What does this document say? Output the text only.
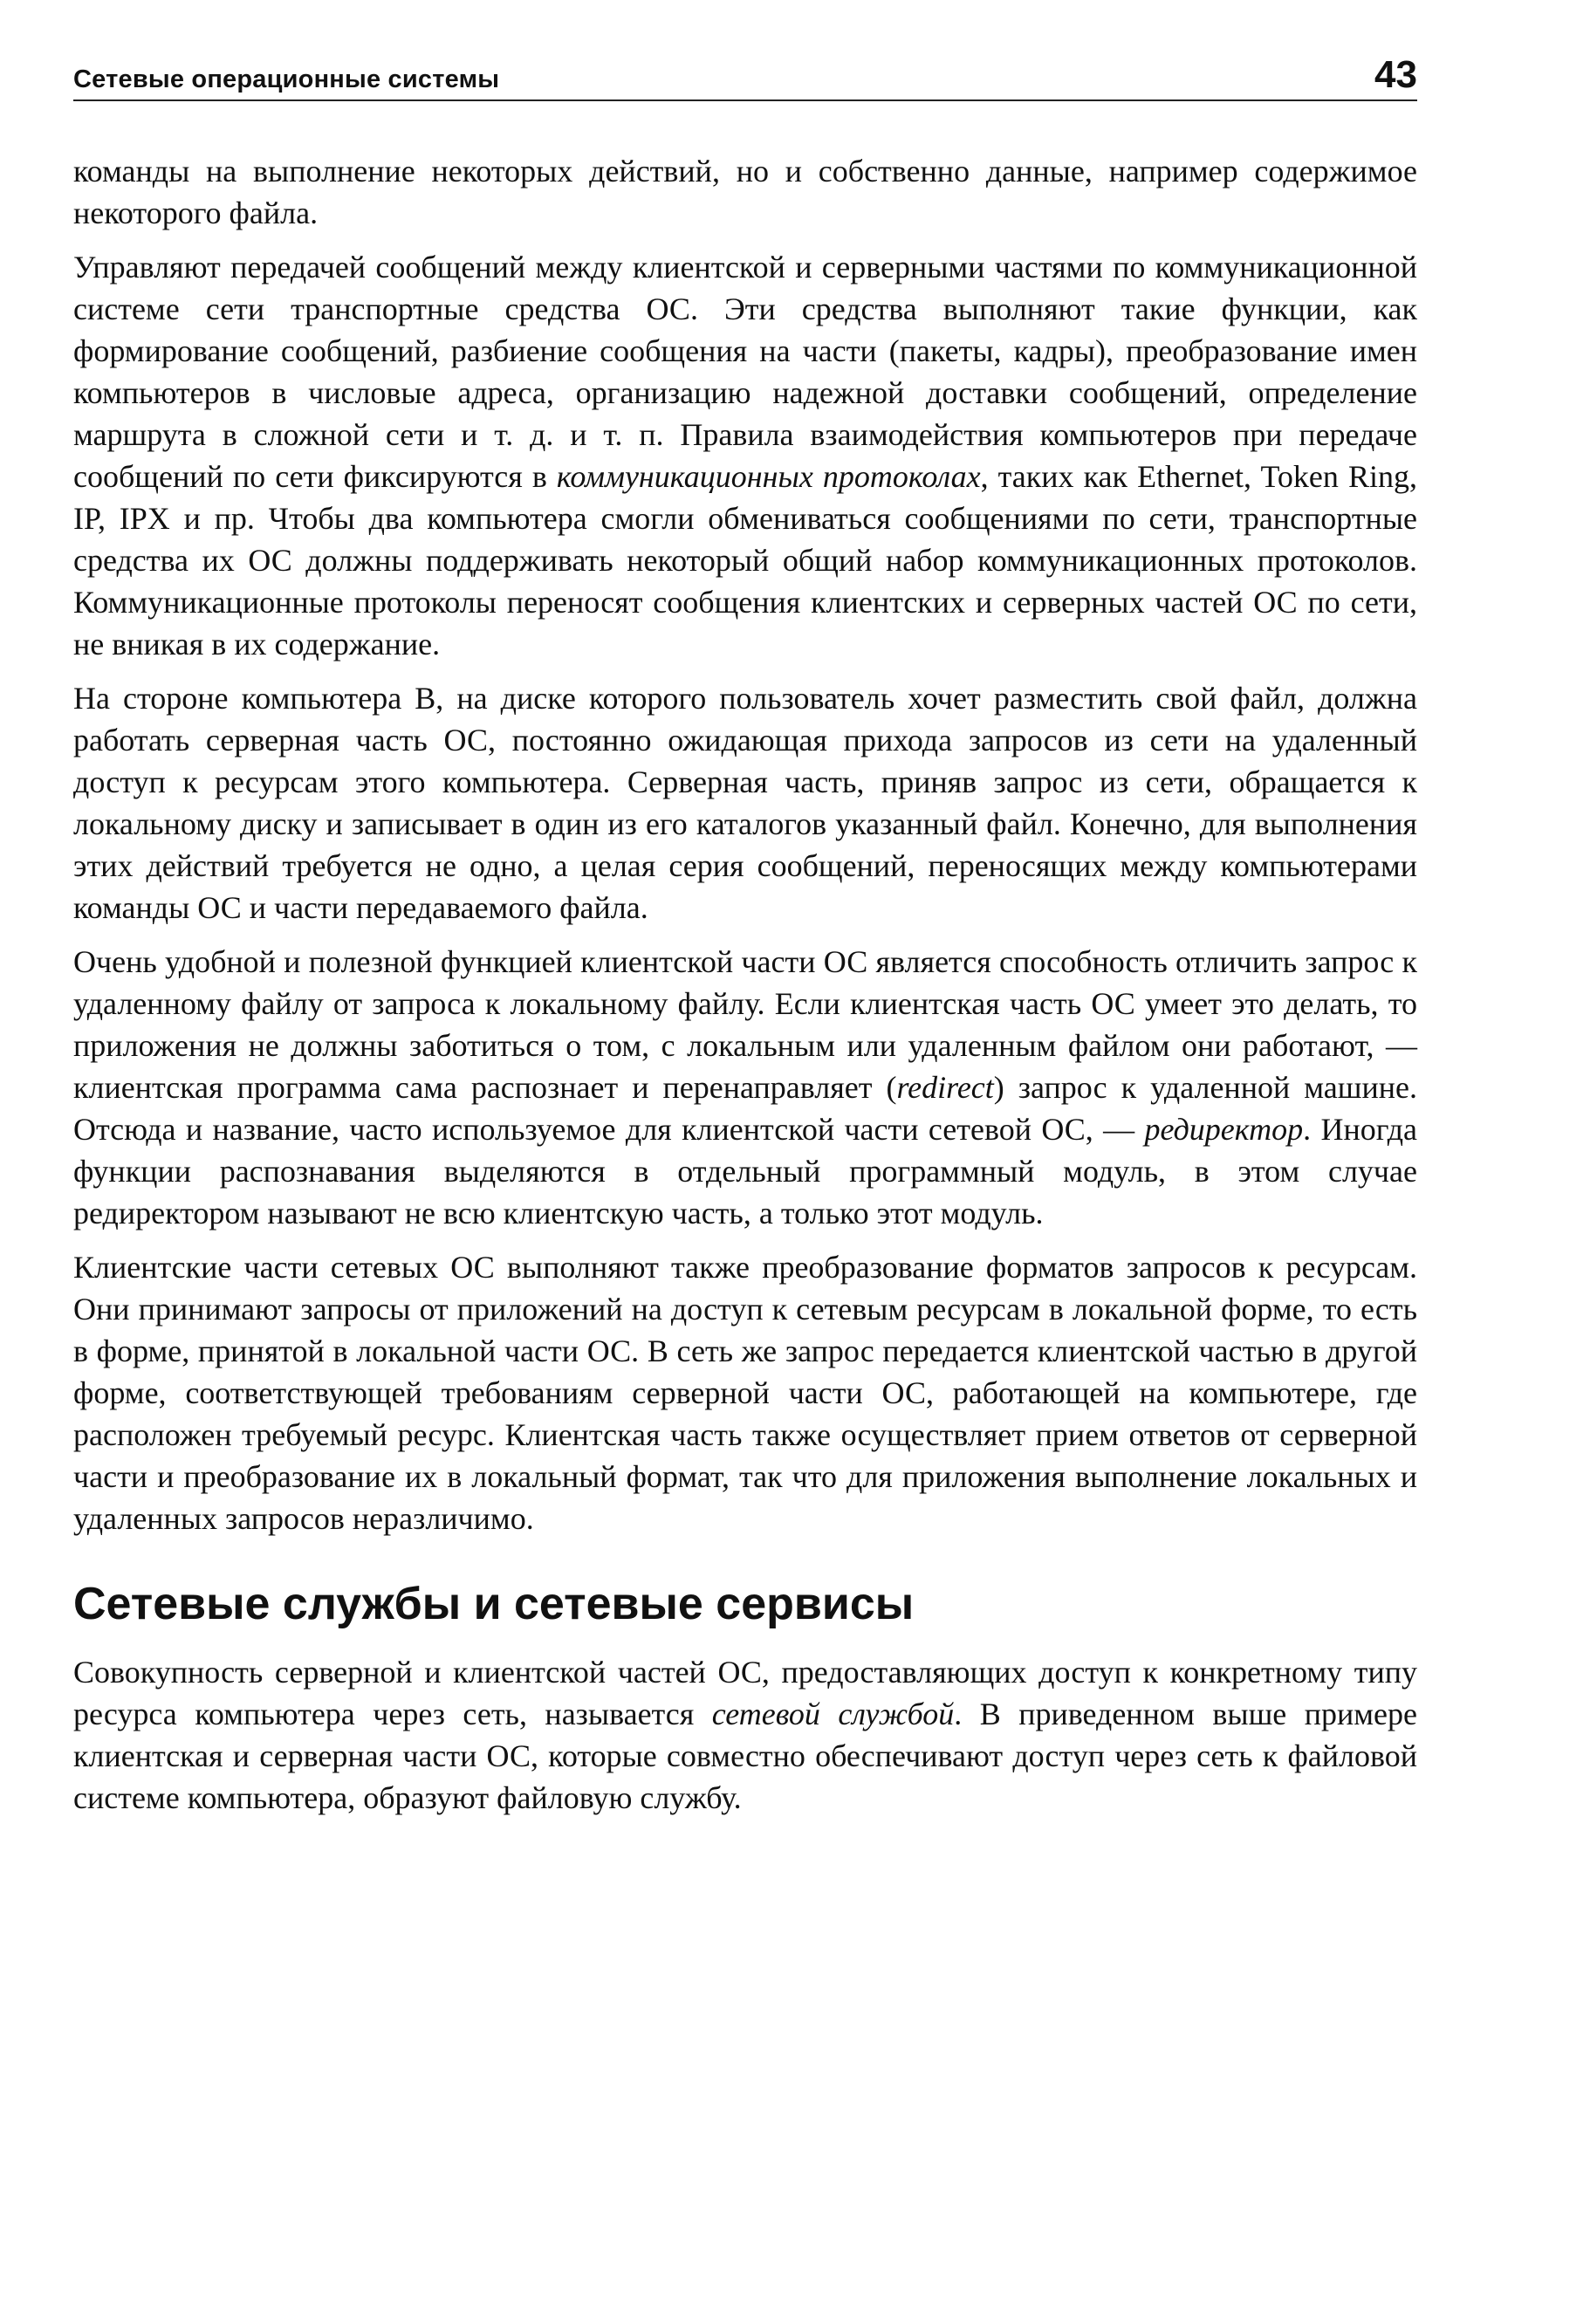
Сетевые операционные системы	43

команды на выполнение некоторых действий, но и собственно данные, например содержимое некоторого файла.

Управляют передачей сообщений между клиентской и серверными частями по коммуникационной системе сети транспортные средства ОС. Эти средства выполняют такие функции, как формирование сообщений, разбиение сообщения на части (пакеты, кадры), преобразование имен компьютеров в числовые адреса, организацию надежной доставки сообщений, определение маршрута в сложной сети и т. д. и т. п. Правила взаимодействия компьютеров при передаче сообщений по сети фиксируются в коммуникационных протоколах, таких как Ethernet, Token Ring, IP, IPX и пр. Чтобы два компьютера смогли обмениваться сообщениями по сети, транспортные средства их ОС должны поддерживать некоторый общий набор коммуникационных протоколов. Коммуникационные протоколы переносят сообщения клиентских и серверных частей ОС по сети, не вникая в их содержание.

На стороне компьютера В, на диске которого пользователь хочет разместить свой файл, должна работать серверная часть ОС, постоянно ожидающая прихода запросов из сети на удаленный доступ к ресурсам этого компьютера. Серверная часть, приняв запрос из сети, обращается к локальному диску и записывает в один из его каталогов указанный файл. Конечно, для выполнения этих действий требуется не одно, а целая серия сообщений, переносящих между компьютерами команды ОС и части передаваемого файла.

Очень удобной и полезной функцией клиентской части ОС является способность отличить запрос к удаленному файлу от запроса к локальному файлу. Если клиентская часть ОС умеет это делать, то приложения не должны заботиться о том, с локальным или удаленным файлом они работают, — клиентская программа сама распознает и перенаправляет (redirect) запрос к удаленной машине. Отсюда и название, часто используемое для клиентской части сетевой ОС, — редиректор. Иногда функции распознавания выделяются в отдельный программный модуль, в этом случае редиректором называют не всю клиентскую часть, а только этот модуль.

Клиентские части сетевых ОС выполняют также преобразование форматов запросов к ресурсам. Они принимают запросы от приложений на доступ к сетевым ресурсам в локальной форме, то есть в форме, принятой в локальной части ОС. В сеть же запрос передается клиентской частью в другой форме, соответствующей требованиям серверной части ОС, работающей на компьютере, где расположен требуемый ресурс. Клиентская часть также осуществляет прием ответов от серверной части и преобразование их в локальный формат, так что для приложения выполнение локальных и удаленных запросов неразличимо.

Сетевые службы и сетевые сервисы

Совокупность серверной и клиентской частей ОС, предоставляющих доступ к конкретному типу ресурса компьютера через сеть, называется сетевой службой. В приведенном выше примере клиентская и серверная части ОС, которые совместно обеспечивают доступ через сеть к файловой системе компьютера, образуют файловую службу.
